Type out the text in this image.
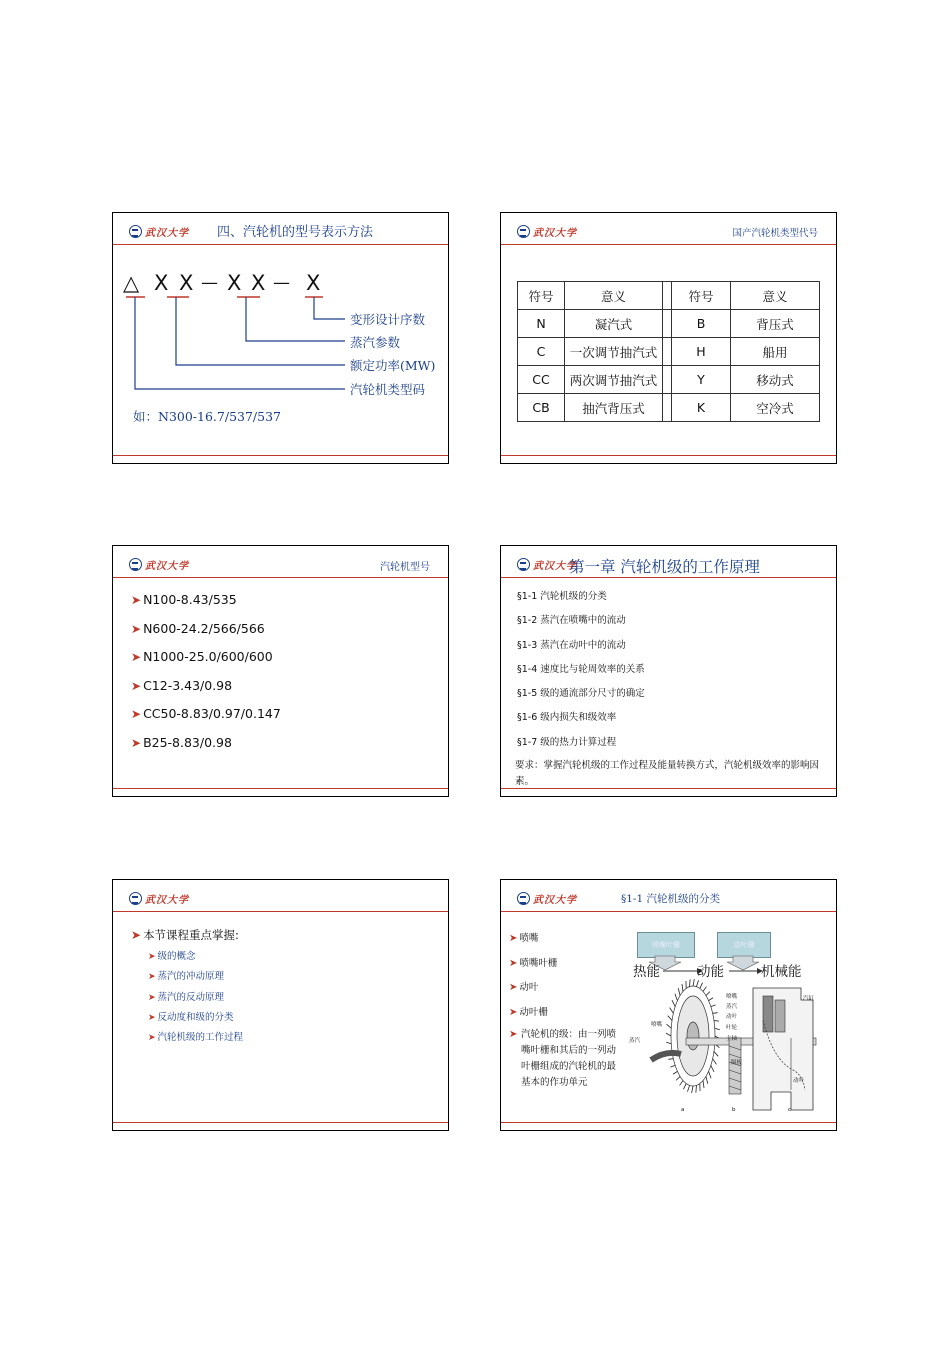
武汉大学 四、汽轮机的型号表示方法
△ X X — X X — X
变形设计序数
蒸汽参数
额定功率(MW)
汽轮机类型码
如：N300-16.7/537/537
武汉大学	国产汽轮机类型代号
符号	意义		符号	意义
N	凝汽式		B	背压式
C	一次调节抽汽式		H	船用
CC	两次调节抽汽式		Y	移动式
CB	抽汽背压式		K	空冷式
武汉大学	汽轮机型号
➤ N100-8.43/535
➤ N600-24.2/566/566
➤ N1000-25.0/600/600
➤ C12-3.43/0.98
➤ CC50-8.83/0.97/0.147
➤ B25-8.83/0.98
武汉大学
第一章 汽轮机级的工作原理
§1-1 汽轮机级的分类
§1-2 蒸汽在喷嘴中的流动
§1-3 蒸汽在动叶中的流动
§1-4 速度比与轮周效率的关系
§1-5 级的通流部分尺寸的确定
§1-6 级内损失和级效率
§1-7 级的热力计算过程
要求：掌握汽轮机级的工作过程及能量转换方式，汽轮机级效率的影响因素。
武汉大学
➤ 本节课程重点掌握:
➤ 级的概念
➤ 蒸汽的冲动原理
➤ 蒸汽的反动原理
➤ 反动度和级的分类
➤ 汽轮机级的工作过程
武汉大学	§1-1 汽轮机级的分类
➤ 喷嘴
➤ 喷嘴叶栅
➤ 动叶
➤ 动叶栅
➤ 汽轮机的级：由一列喷嘴叶栅和其后的一列动叶栅组成的汽轮机的最基本的作功单元
喷嘴叶栅	动叶栅
热能	动能	机械能
喷嘴
蒸汽
动叶
叶轮
主轴
隔板
汽缸
喷嘴
蒸汽
动叶
a	b	c
